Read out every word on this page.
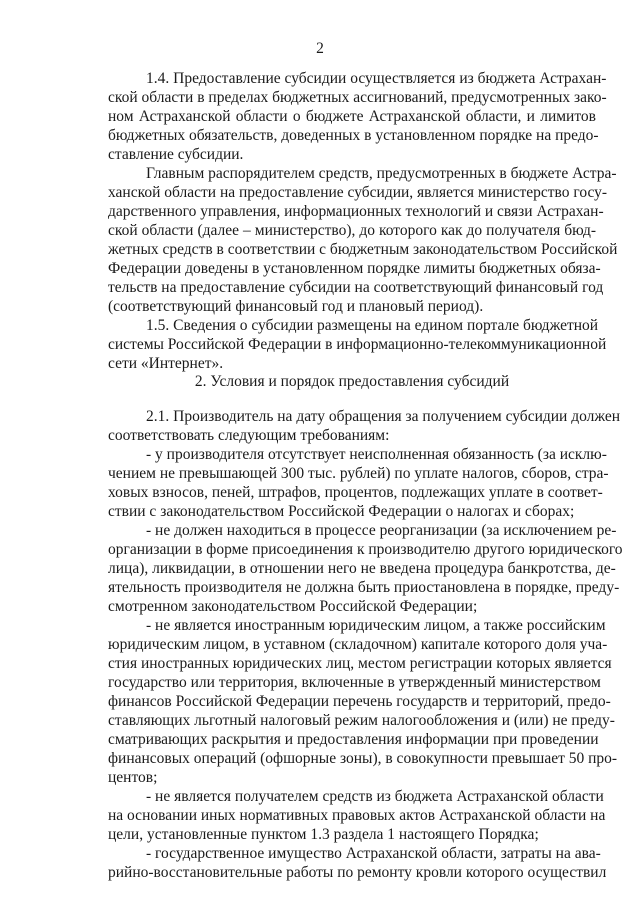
2
1.4. Предоставление субсидии осуществляется из бюджета Астрахан-
ской области в пределах бюджетных ассигнований, предусмотренных зако-
ном Астраханской области о бюджете Астраханской области, и лимитов
бюджетных обязательств, доведенных в установленном порядке на предо-
ставление субсидии.
Главным распорядителем средств, предусмотренных в бюджете Астра-
ханской области на предоставление субсидии, является министерство госу-
дарственного управления, информационных технологий и связи Астрахан-
ской области (далее – министерство), до которого как до получателя бюд-
жетных средств в соответствии с бюджетным законодательством Российской
Федерации доведены в установленном порядке лимиты бюджетных обяза-
тельств на предоставление субсидии на соответствующий финансовый год
(соответствующий финансовый год и плановый период).
1.5. Сведения о субсидии размещены на едином портале бюджетной
системы Российской Федерации в информационно-телекоммуникационной
сети «Интернет».
2. Условия и порядок предоставления субсидий
2.1. Производитель на дату обращения за получением субсидии должен
соответствовать следующим требованиям:
- у производителя отсутствует неисполненная обязанность (за исклю-
чением не превышающей 300 тыс. рублей) по уплате налогов, сборов, стра-
ховых взносов, пеней, штрафов, процентов, подлежащих уплате в соответ-
ствии с законодательством Российской Федерации о налогах и сборах;
- не должен находиться в процессе реорганизации (за исключением ре-
организации в форме присоединения к производителю другого юридического
лица), ликвидации, в отношении него не введена процедура банкротства, де-
ятельность производителя не должна быть приостановлена в порядке, преду-
смотренном законодательством Российской Федерации;
- не является иностранным юридическим лицом, а также российским
юридическим лицом, в уставном (складочном) капитале которого доля уча-
стия иностранных юридических лиц, местом регистрации которых является
государство или территория, включенные в утвержденный министерством
финансов Российской Федерации перечень государств и территорий, предо-
ставляющих льготный налоговый режим налогообложения и (или) не преду-
сматривающих раскрытия и предоставления информации при проведении
финансовых операций (офшорные зоны), в совокупности превышает 50 про-
центов;
- не является получателем средств из бюджета Астраханской области
на основании иных нормативных правовых актов Астраханской области на
цели, установленные пунктом 1.3 раздела 1 настоящего Порядка;
- государственное имущество Астраханской области, затраты на ава-
рийно-восстановительные работы по ремонту кровли которого осуществил
